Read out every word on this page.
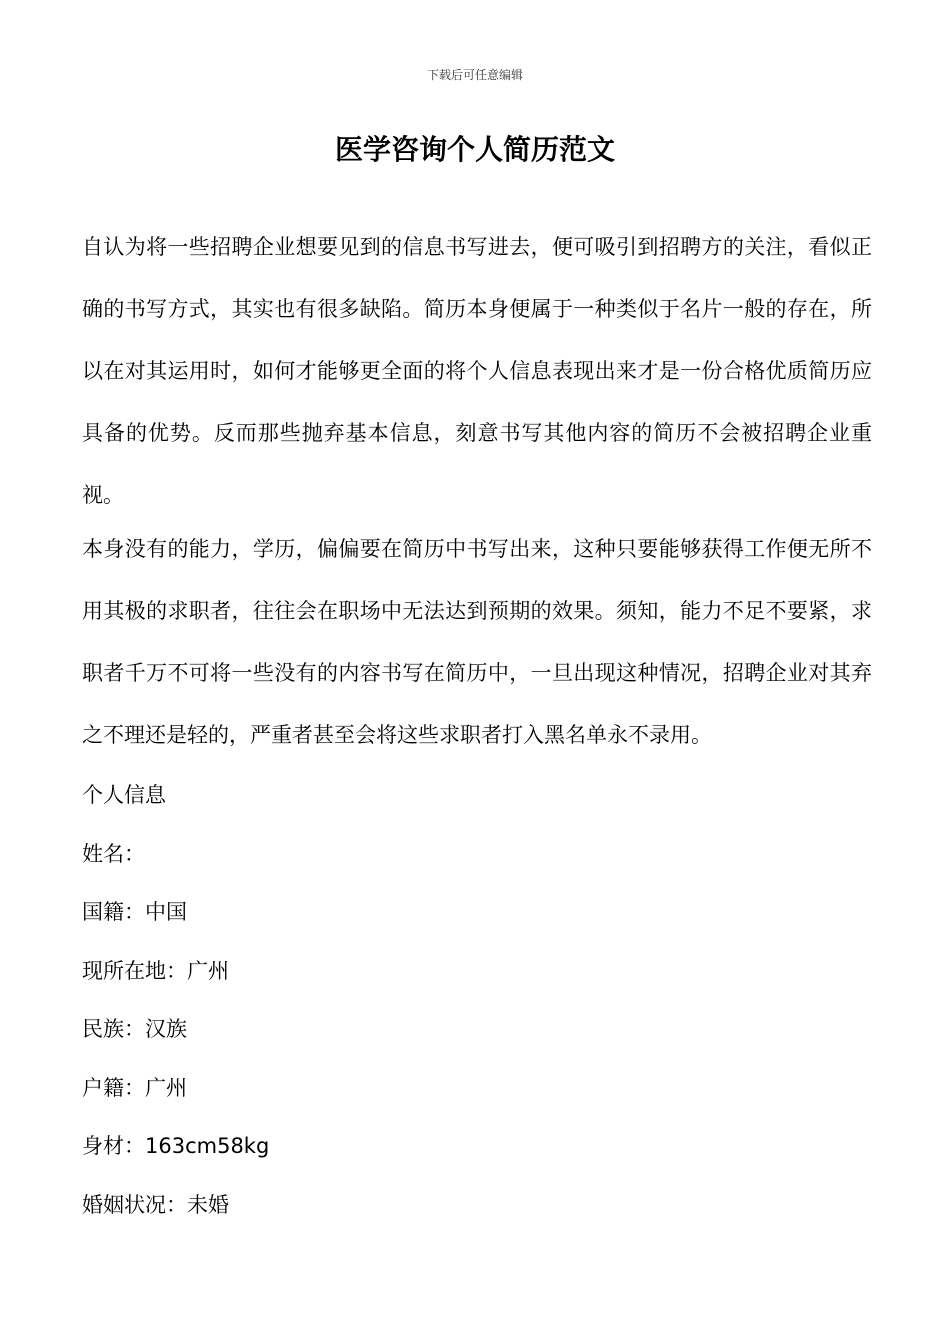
下载后可任意编辑
医学咨询个人简历范文

自认为将一些招聘企业想要见到的信息书写进去，便可吸引到招聘方的关注，看似正确的书写方式，其实也有很多缺陷。简历本身便属于一种类似于名片一般的存在，所以在对其运用时，如何才能够更全面的将个人信息表现出来才是一份合格优质简历应具备的优势。反而那些抛弃基本信息，刻意书写其他内容的简历不会被招聘企业重视。

本身没有的能力，学历，偏偏要在简历中书写出来，这种只要能够获得工作便无所不用其极的求职者，往往会在职场中无法达到预期的效果。须知，能力不足不要紧，求职者千万不可将一些没有的内容书写在简历中，一旦出现这种情况，招聘企业对其弃之不理还是轻的，严重者甚至会将这些求职者打入黑名单永不录用。

个人信息
姓名：
国籍：中国
现所在地：广州
民族：汉族
户籍：广州
身材：163cm58kg
婚姻状况：未婚
